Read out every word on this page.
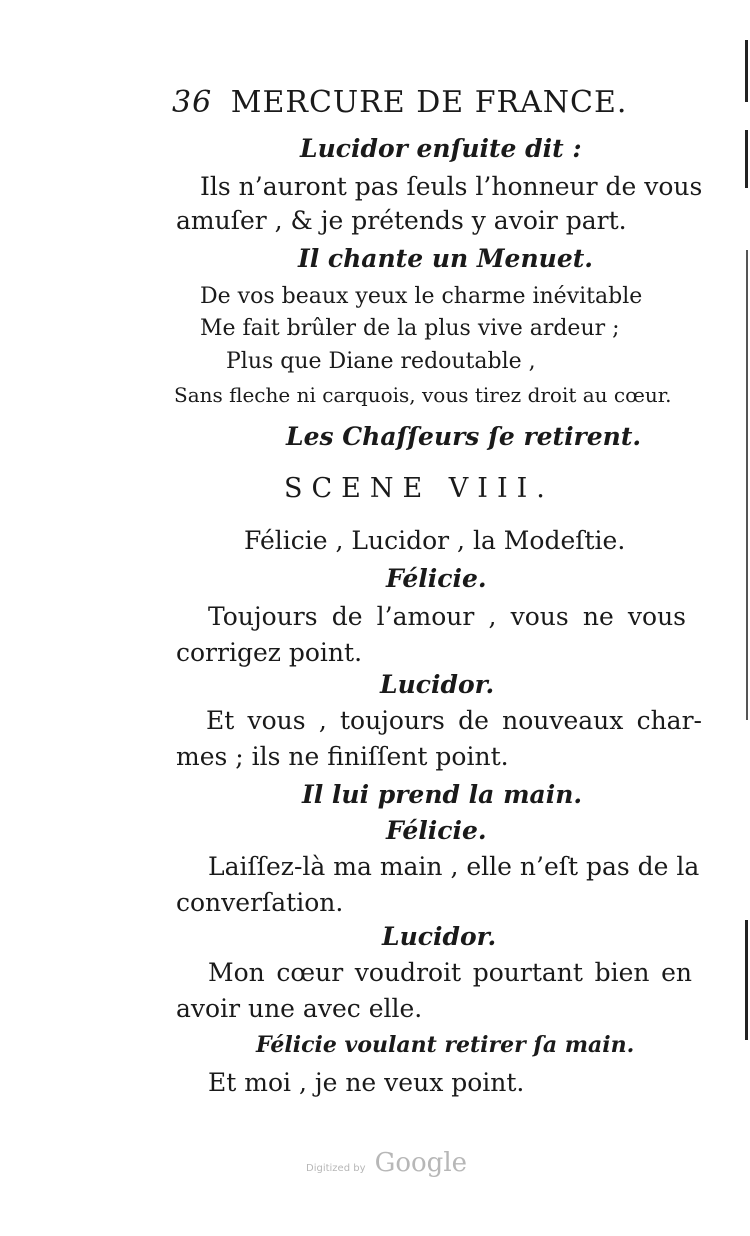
36 MERCURE DE FRANCE.
Lucidor enſuite dit :
Ils n’auront pas ſeuls l’honneur de vous
amuſer , & je prétends y avoir part.
Il chante un Menuet.
De vos beaux yeux le charme inévitable
Me fait brûler de la plus vive ardeur ;
Plus que Diane redoutable ,
Sans fleche ni carquois, vous tirez droit au cœur.
Les Chaſſeurs ſe retirent.
SCENE VIII.
Félicie , Lucidor , la Modeſtie.
Félicie.
Toujours de l’amour , vous ne vous
corrigez point.
Lucidor.
Et vous , toujours de nouveaux char-
mes ; ils ne finiſſent point.
Il lui prend la main.
Félicie.
Laiſſez-là ma main , elle n’eſt pas de la
converſation.
Lucidor.
Mon cœur voudroit pourtant bien en
avoir une avec elle.
Félicie voulant retirer ſa main.
Et moi , je ne veux point.
Digitized by Google
